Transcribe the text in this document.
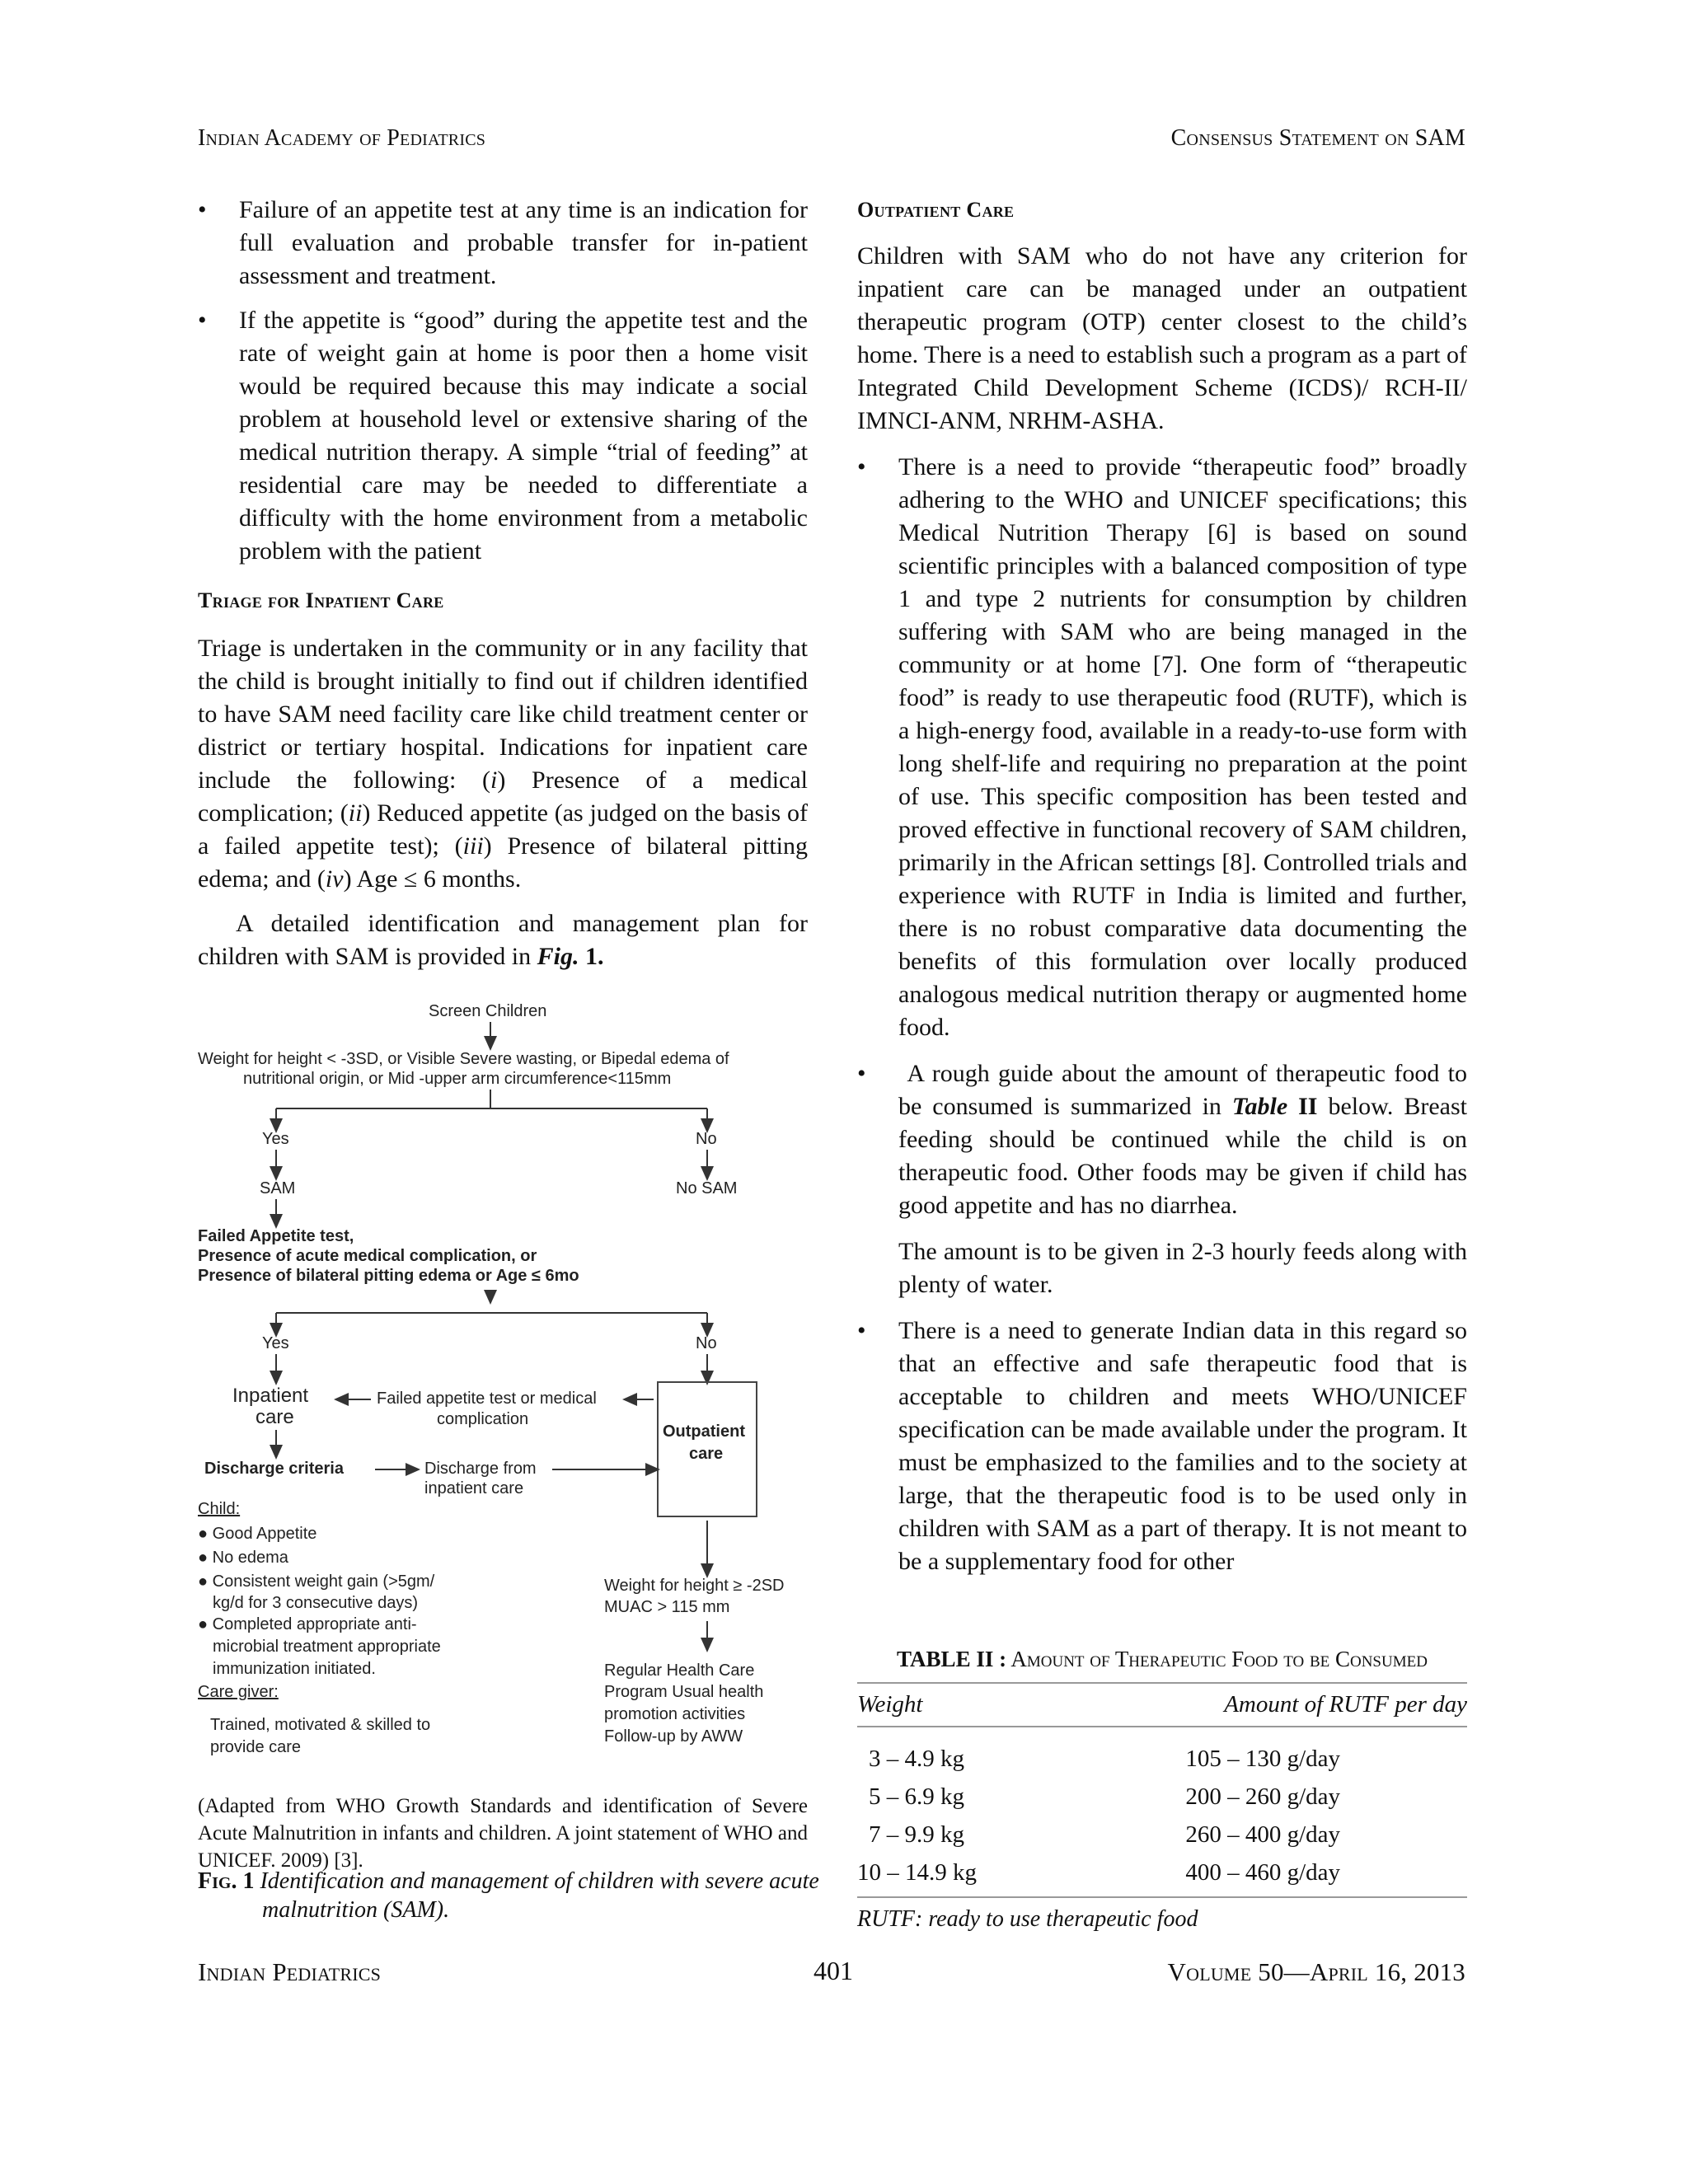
Indian Academy of Pediatrics	Consensus Statement on SAM
• Failure of an appetite test at any time is an indication for full evaluation and probable transfer for in-patient assessment and treatment.

• If the appetite is “good” during the appetite test and the rate of weight gain at home is poor then a home visit would be required because this may indicate a social problem at household level or extensive sharing of the medical nutrition therapy. A simple “trial of feeding” at residential care may be needed to differentiate a difficulty with the home environment from a metabolic problem with the patient

Triage for Inpatient Care

Triage is undertaken in the community or in any facility that the child is brought initially to find out if children identified to have SAM need facility care like child treatment center or district or tertiary hospital. Indications for inpatient care include the following: (i) Presence of a medical complication; (ii) Reduced appetite (as judged on the basis of a failed appetite test); (iii) Presence of bilateral pitting edema; and (iv) Age ≤ 6 months.

A detailed identification and management plan for children with SAM is provided in Fig. 1.

Screen Children
Weight for height < -3SD, or Visible Severe wasting, or Bipedal edema of
nutritional origin, or Mid -upper arm circumference<115mm
Yes	No
SAM	No SAM
Failed Appetite test,
Presence of acute medical complication, or
Presence of bilateral pitting edema or Age ≤ 6mo
Yes	No
Inpatient
care
Failed appetite test or medical
complication
Outpatient
care
Discharge criteria	Discharge from
inpatient care
Child:
● Good Appetite
● No edema
● Consistent weight gain (>5gm/
kg/d for 3 consecutive days)
● Completed appropriate anti-
microbial treatment appropriate
immunization initiated.
Care giver:
Trained, motivated & skilled to
provide care
Weight for height ≥ -2SD
MUAC > 115 mm
Regular Health Care
Program Usual health
promotion activities
Follow-up by AWW
(Adapted from WHO Growth Standards and identification of Severe Acute Malnutrition in infants and children. A joint statement of WHO and UNICEF. 2009) [3].
Fig. 1 Identification and management of children with severe acute malnutrition (SAM).
Outpatient Care

Children with SAM who do not have any criterion for inpatient care can be managed under an outpatient therapeutic program (OTP) center closest to the child’s home. There is a need to establish such a program as a part of Integrated Child Development Scheme (ICDS)/ RCH-II/ IMNCI-ANM, NRHM-ASHA.

• There is a need to provide “therapeutic food” broadly adhering to the WHO and UNICEF specifications; this Medical Nutrition Therapy [6] is based on sound scientific principles with a balanced composition of type 1 and type 2 nutrients for consumption by children suffering with SAM who are being managed in the community or at home [7]. One form of “therapeutic food” is ready to use therapeutic food (RUTF), which is a high-energy food, available in a ready-to-use form with long shelf-life and requiring no preparation at the point of use. This specific composition has been tested and proved effective in functional recovery of SAM children, primarily in the African settings [8]. Controlled trials and experience with RUTF in India is limited and further, there is no robust comparative data documenting the benefits of this formulation over locally produced analogous medical nutrition therapy or augmented home food.

•	A rough guide about the amount of therapeutic food to be consumed is summarized in Table II below. Breast feeding should be continued while the child is on therapeutic food. Other foods may be given if child has good appetite and has no diarrhea.

The amount is to be given in 2-3 hourly feeds along with plenty of water.

• There is a need to generate Indian data in this regard so that an effective and safe therapeutic food that is acceptable to children and meets WHO/UNICEF specification can be made available under the program. It must be emphasized to the families and to the society at large, that the therapeutic food is to be used only in children with SAM as a part of therapy. It is not meant to be a supplementary food for other

TABLE II : Amount of Therapeutic Food to be Consumed
Weight	Amount of RUTF per day

3 – 4.9 kg	105 – 130 g/day
5 – 6.9 kg	200 – 260 g/day
7 – 9.9 kg	260 – 400 g/day
10 – 14.9 kg	400 – 460 g/day
RUTF: ready to use therapeutic food
Indian Pediatrics	401	Volume 50—April 16, 2013
